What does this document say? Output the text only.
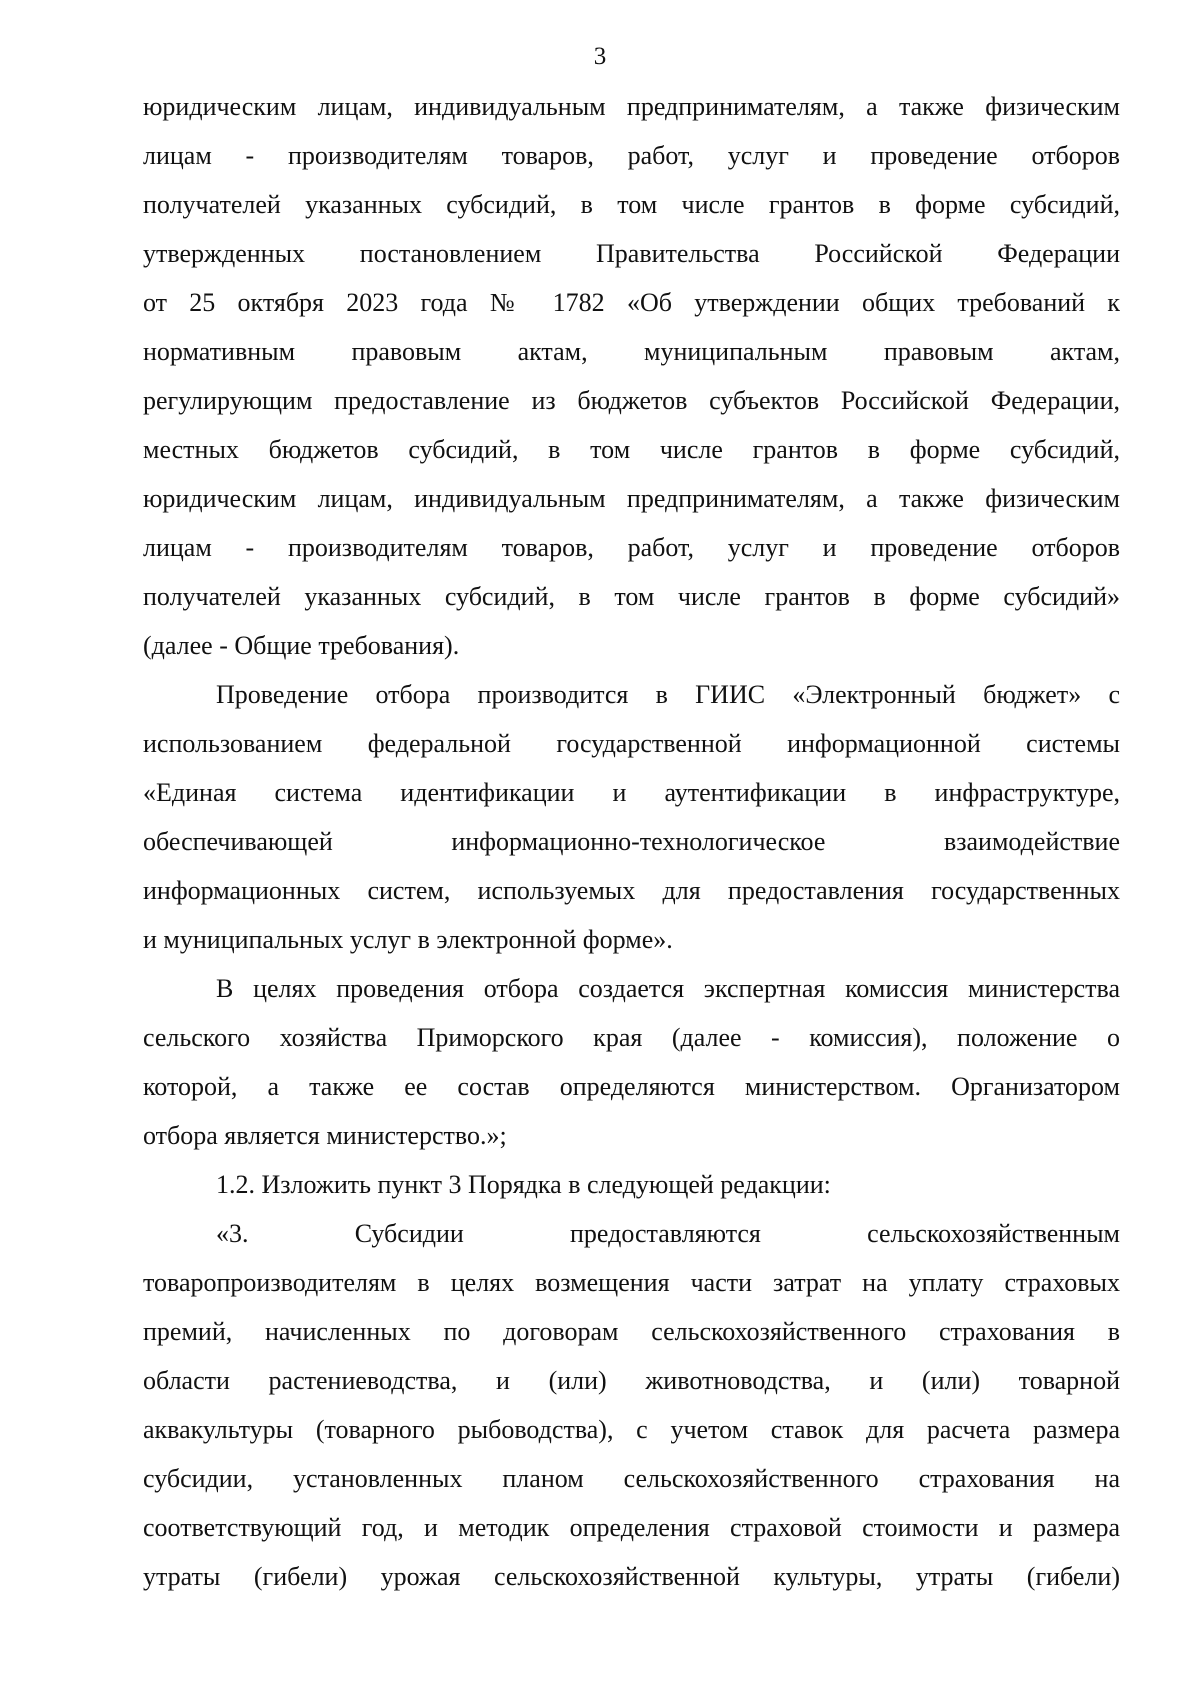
3
юридическим лицам, индивидуальным предпринимателям, а также физическим
лицам - производителям товаров, работ, услуг и проведение отборов
получателей указанных субсидий, в том числе грантов в форме субсидий,
утвержденных постановлением Правительства Российской Федерации
от 25 октября 2023 года № 1782 «Об утверждении общих требований к
нормативным правовым актам, муниципальным правовым актам,
регулирующим предоставление из бюджетов субъектов Российской Федерации,
местных бюджетов субсидий, в том числе грантов в форме субсидий,
юридическим лицам, индивидуальным предпринимателям, а также физическим
лицам - производителям товаров, работ, услуг и проведение отборов
получателей указанных субсидий, в том числе грантов в форме субсидий»
(далее - Общие требования).
Проведение отбора производится в ГИИС «Электронный бюджет» с
использованием федеральной государственной информационной системы
«Единая система идентификации и аутентификации в инфраструктуре,
обеспечивающей информационно-технологическое взаимодействие
информационных систем, используемых для предоставления государственных
и муниципальных услуг в электронной форме».
В целях проведения отбора создается экспертная комиссия министерства
сельского хозяйства Приморского края (далее - комиссия), положение о
которой, а также ее состав определяются министерством. Организатором
отбора является министерство.»;
1.2. Изложить пункт 3 Порядка в следующей редакции:
«3. Субсидии предоставляются сельскохозяйственным
товаропроизводителям в целях возмещения части затрат на уплату страховых
премий, начисленных по договорам сельскохозяйственного страхования в
области растениеводства, и (или) животноводства, и (или) товарной
аквакультуры (товарного рыбоводства), с учетом ставок для расчета размера
субсидии, установленных планом сельскохозяйственного страхования на
соответствующий год, и методик определения страховой стоимости и размера
утраты (гибели) урожая сельскохозяйственной культуры, утраты (гибели)
